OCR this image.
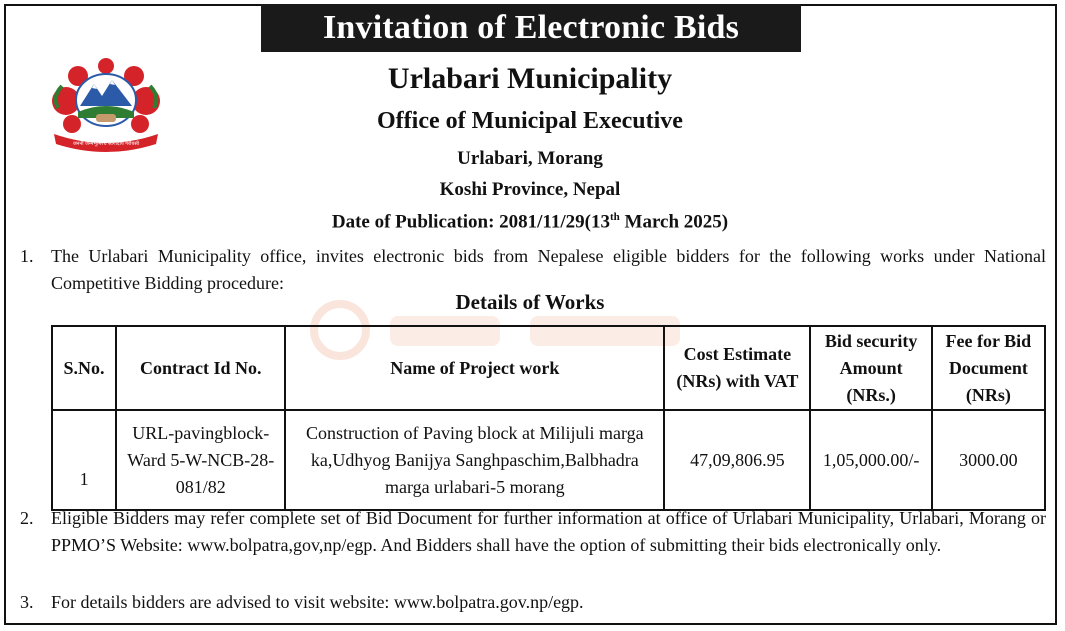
Invitation of Electronic Bids
जननी जन्मभूमिश्च स्वर्गादपि गरीयसी
Urlabari Municipality
Office of Municipal Executive
Urlabari, Morang
Koshi Province, Nepal
Date of Publication: 2081/11/29(13th March 2025)
1. The Urlabari Municipality office, invites electronic bids from Nepalese eligible bidders for the following works under National Competitive Bidding procedure:
Details of Works
S.No.	Contract Id No.	Name of Project work	Cost Estimate (NRs) with VAT	Bid security Amount (NRs.)	Fee for Bid Document (NRs)
1	URL-pavingblock-Ward 5-W-NCB-28-081/82	Construction of Paving block at Milijuli marga ka,Udhyog Banijya Sanghpaschim,Balbhadra marga urlabari-5 morang	47,09,806.95	1,05,000.00/-	3000.00
2. Eligible Bidders may refer complete set of Bid Document for further information at office of Urlabari Municipality, Urlabari, Morang or PPMO’S Website: www.bolpatra,gov,np/egp. And Bidders shall have the option of submitting their bids electronically only.
3. For details bidders are advised to visit website: www.bolpatra.gov.np/egp.
